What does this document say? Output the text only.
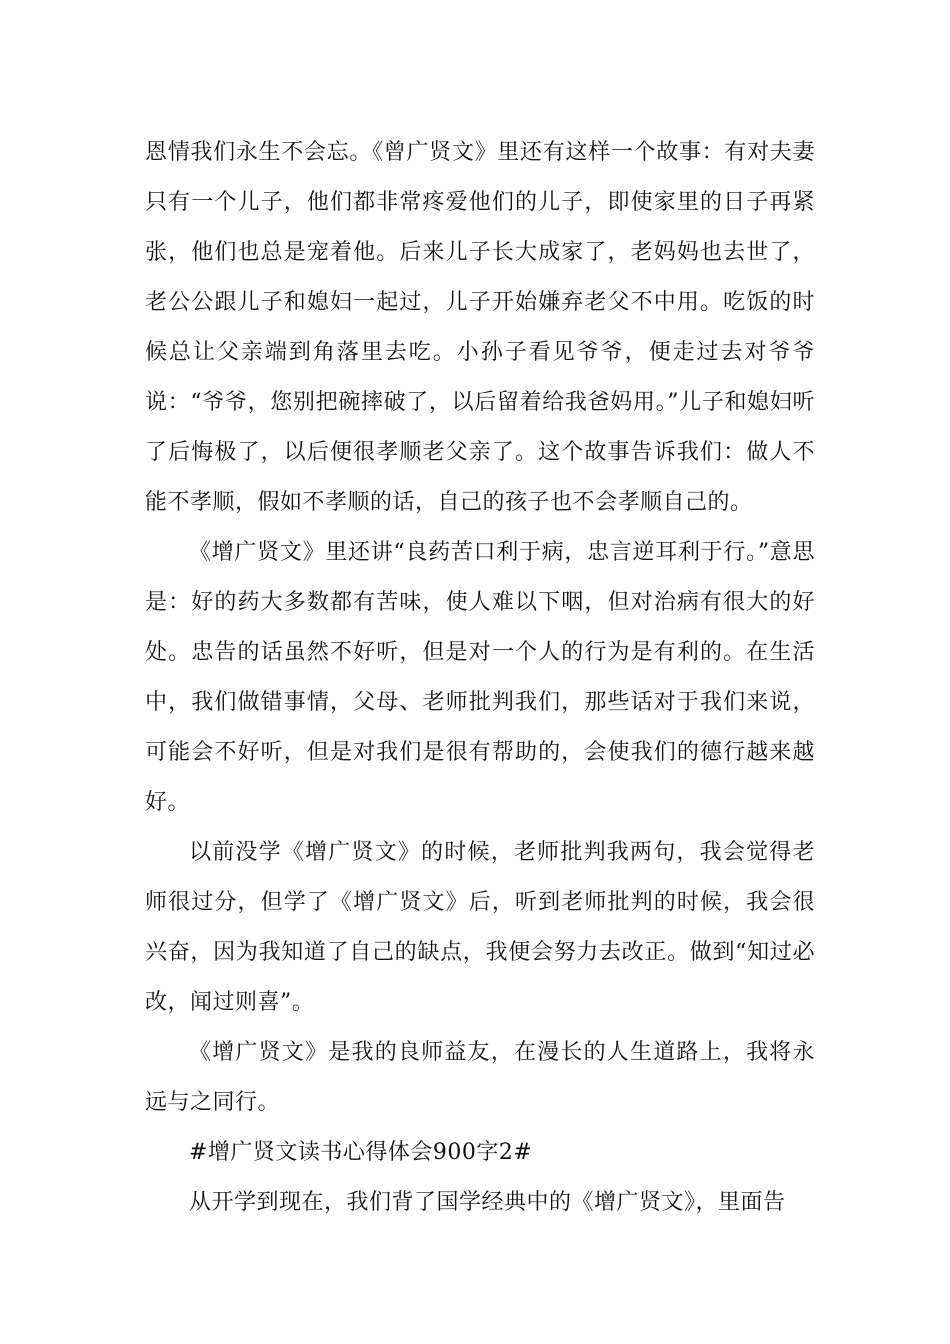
恩情我们永生不会忘。《曾广贤文》里还有这样一个故事：有对夫妻只有一个儿子，他们都非常疼爱他们的儿子，即使家里的日子再紧张，他们也总是宠着他。后来儿子长大成家了，老妈妈也去世了，老公公跟儿子和媳妇一起过，儿子开始嫌弃老父不中用。吃饭的时候总让父亲端到角落里去吃。小孙子看见爷爷，便走过去对爷爷说：“爷爷，您别把碗摔破了，以后留着给我爸妈用。”儿子和媳妇听了后悔极了，以后便很孝顺老父亲了。这个故事告诉我们：做人不能不孝顺，假如不孝顺的话，自己的孩子也不会孝顺自己的。

《增广贤文》里还讲“良药苦口利于病，忠言逆耳利于行。”意思是：好的药大多数都有苦味，使人难以下咽，但对治病有很大的好处。忠告的话虽然不好听，但是对一个人的行为是有利的。在生活中，我们做错事情，父母、老师批判我们，那些话对于我们来说，可能会不好听，但是对我们是很有帮助的，会使我们的德行越来越好。

以前没学《增广贤文》的时候，老师批判我两句，我会觉得老师很过分，但学了《增广贤文》后，听到老师批判的时候，我会很兴奋，因为我知道了自己的缺点，我便会努力去改正。做到“知过必改，闻过则喜”。

《增广贤文》是我的良师益友，在漫长的人生道路上，我将永远与之同行。

#增广贤文读书心得体会900字2#

从开学到现在，我们背了国学经典中的《增广贤文》，里面告
